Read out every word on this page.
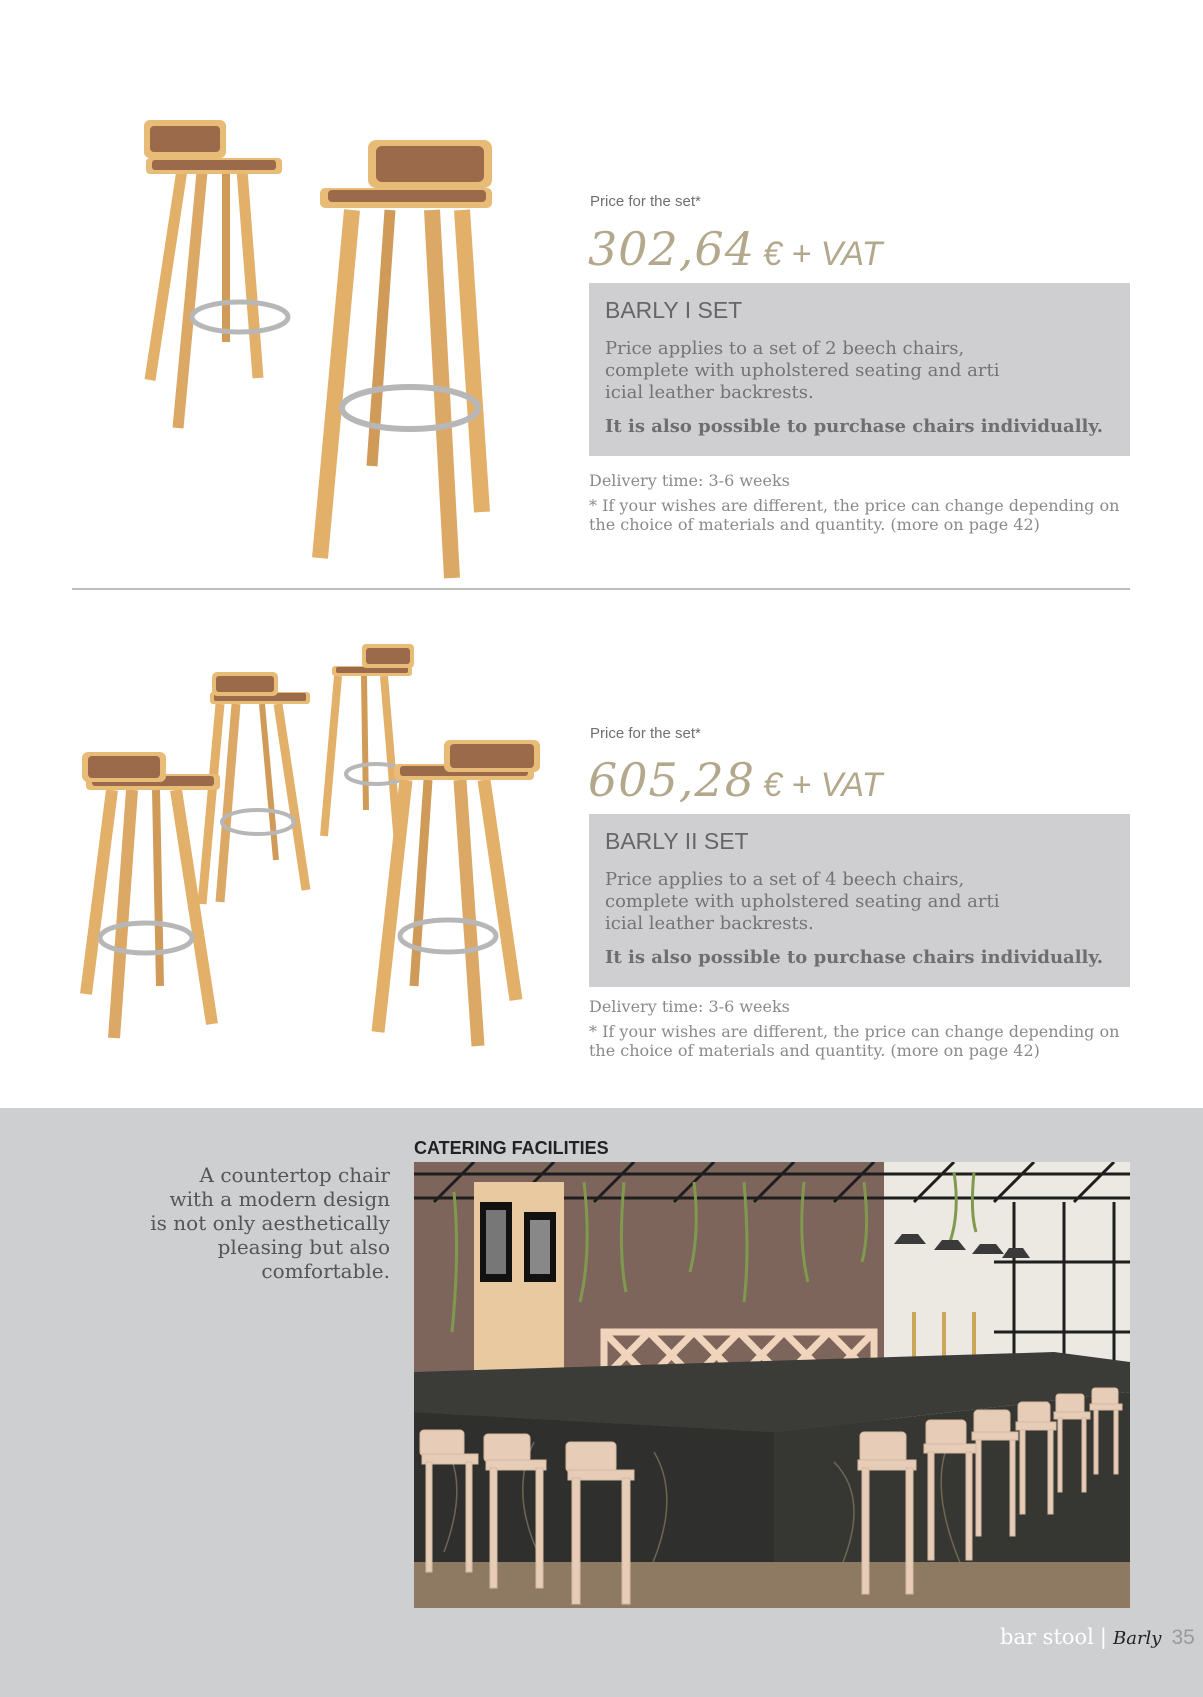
Price for the set*
302,64 € + VAT
BARLY I SET
Price applies to a set of 2 beech chairs, complete with upholstered seating and arti icial leather backrests.
It is also possible to purchase chairs individually.
Delivery time: 3-6 weeks
* If your wishes are different, the price can change depending on the choice of materials and quantity. (more on page 42)
Price for the set*
605,28 € + VAT
BARLY II SET
Price applies to a set of 4 beech chairs, complete with upholstered seating and arti icial leather backrests.
It is also possible to purchase chairs individually.
Delivery time: 3-6 weeks
* If your wishes are different, the price can change depending on the choice of materials and quantity. (more on page 42)
CATERING FACILITIES
A countertop chair with a modern design is not only aesthetically pleasing but also comfortable.
bar stool | Barly 35
